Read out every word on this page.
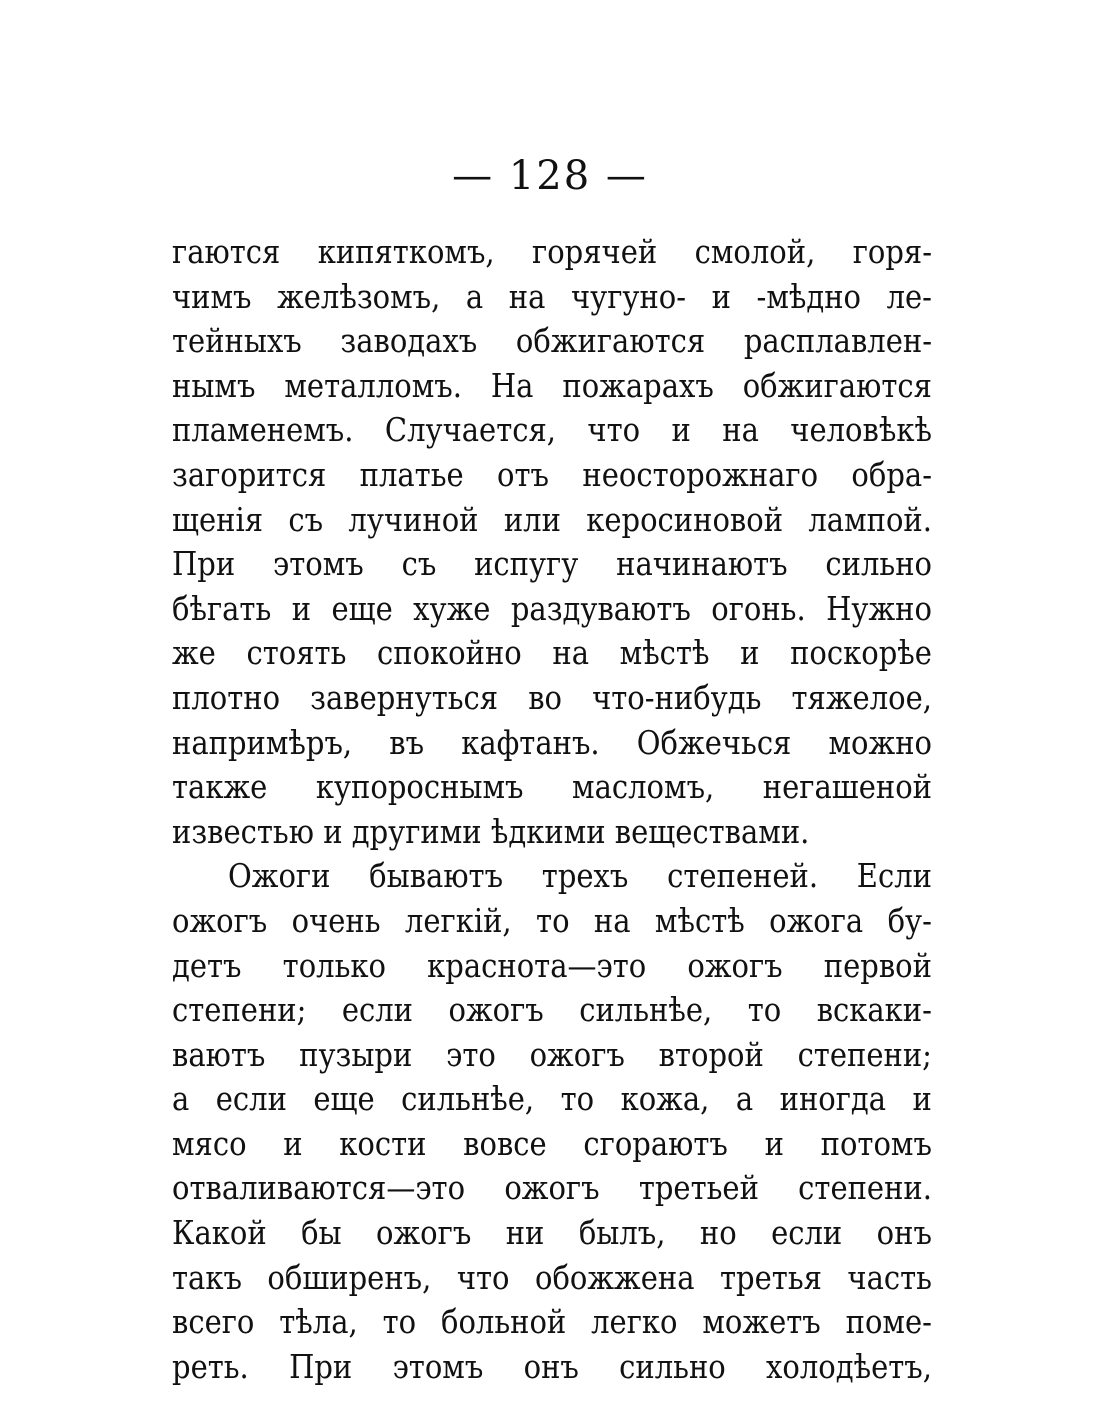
— 128 —
гаются кипяткомъ, горячей смолой, горя-
чимъ желѣзомъ, а на чугуно- и -мѣдно ле-
тейныхъ заводахъ обжигаются расплавлен-
нымъ металломъ. На пожарахъ обжигаются
пламенемъ. Случается, что и на человѣкѣ
загорится платье отъ неосторожнаго обра-
щенія съ лучиной или керосиновой лампой.
При этомъ съ испугу начинаютъ сильно
бѣгать и еще хуже раздуваютъ огонь. Нужно
же стоять спокойно на мѣстѣ и поскорѣе
плотно завернуться во что-нибудь тяжелое,
напримѣръ, въ кафтанъ. Обжечься можно
также купороснымъ масломъ, негашеной
известью и другими ѣдкими веществами.
Ожоги бываютъ трехъ степеней. Если
ожогъ очень легкій, то на мѣстѣ ожога бу-
детъ только краснота—это ожогъ первой
степени; если ожогъ сильнѣе, то вскаки-
ваютъ пузыри это ожогъ второй степени;
а если еще сильнѣе, то кожа, а иногда и
мясо и кости вовсе сгораютъ и потомъ
отваливаются—это ожогъ третьей степени.
Какой бы ожогъ ни былъ, но если онъ
такъ обширенъ, что обожжена третья часть
всего тѣла, то больной легко можетъ поме-
реть. При этомъ онъ сильно холодѣетъ,
